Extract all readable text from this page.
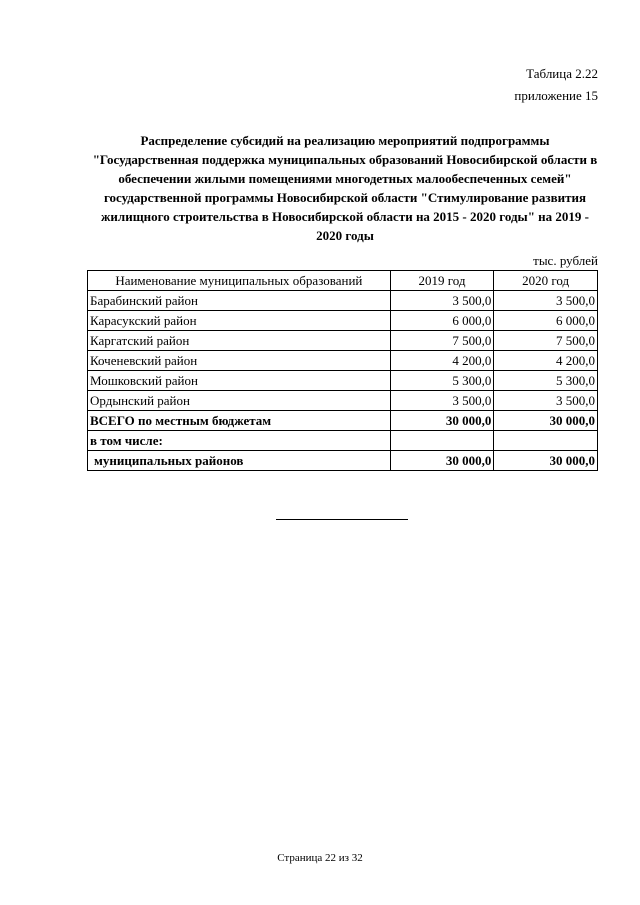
Таблица 2.22
приложение 15
Распределение субсидий на реализацию мероприятий подпрограммы
"Государственная поддержка муниципальных образований Новосибирской области в
обеспечении жилыми помещениями многодетных малообеспеченных семей"
государственной программы Новосибирской области "Стимулирование развития
жилищного строительства в Новосибирской области на 2015 - 2020 годы" на 2019 -
2020 годы
тыс. рублей
Наименование муниципальных образований	2019 год	2020 год
Барабинский район	3 500,0	3 500,0
Карасукский район	6 000,0	6 000,0
Каргатский район	7 500,0	7 500,0
Коченевский район	4 200,0	4 200,0
Мошковский район	5 300,0	5 300,0
Ордынский район	3 500,0	3 500,0
ВСЕГО по местным бюджетам	30 000,0	30 000,0
в том числе:		
муниципальных районов	30 000,0	30 000,0
Страница 22 из 32
